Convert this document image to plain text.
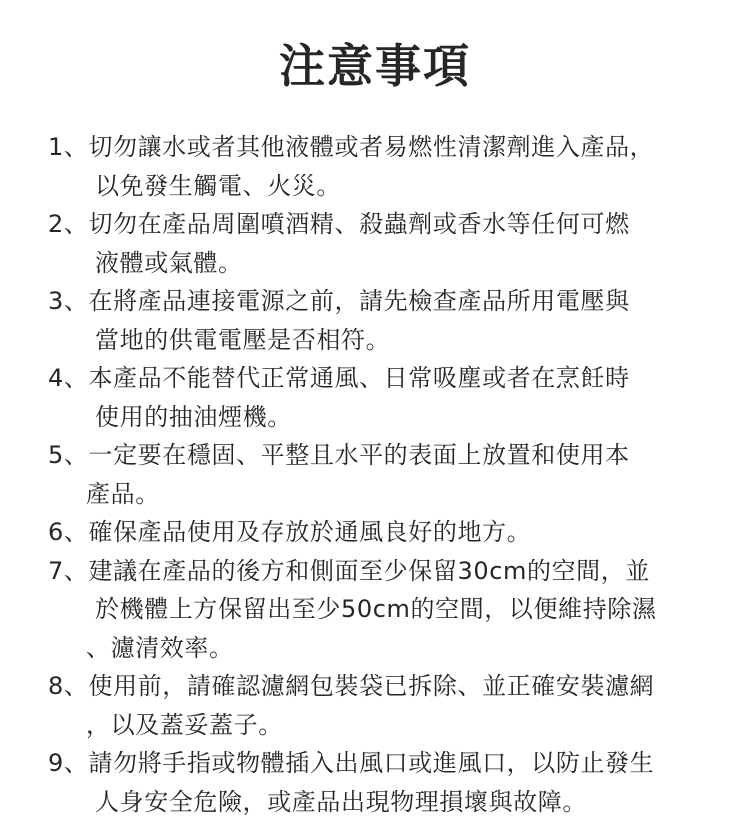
注意事項
1、切勿讓水或者其他液體或者易燃性清潔劑進入產品，
以免發生觸電、火災。
2、切勿在產品周圍噴酒精、殺蟲劑或香水等任何可燃
液體或氣體。
3、在將產品連接電源之前，請先檢查產品所用電壓與
當地的供電電壓是否相符。
4、本產品不能替代正常通風、日常吸塵或者在烹飪時
使用的抽油煙機。
5、一定要在穩固、平整且水平的表面上放置和使用本
產品。
6、確保產品使用及存放於通風良好的地方。
7、建議在產品的後方和側面至少保留30cm的空間，並
於機體上方保留出至少50cm的空間，以便維持除濕
、濾清效率。
8、使用前，請確認濾網包裝袋已拆除、並正確安裝濾網
，以及蓋妥蓋子。
9、請勿將手指或物體插入出風口或進風口，以防止發生
人身安全危險，或產品出現物理損壞與故障。
